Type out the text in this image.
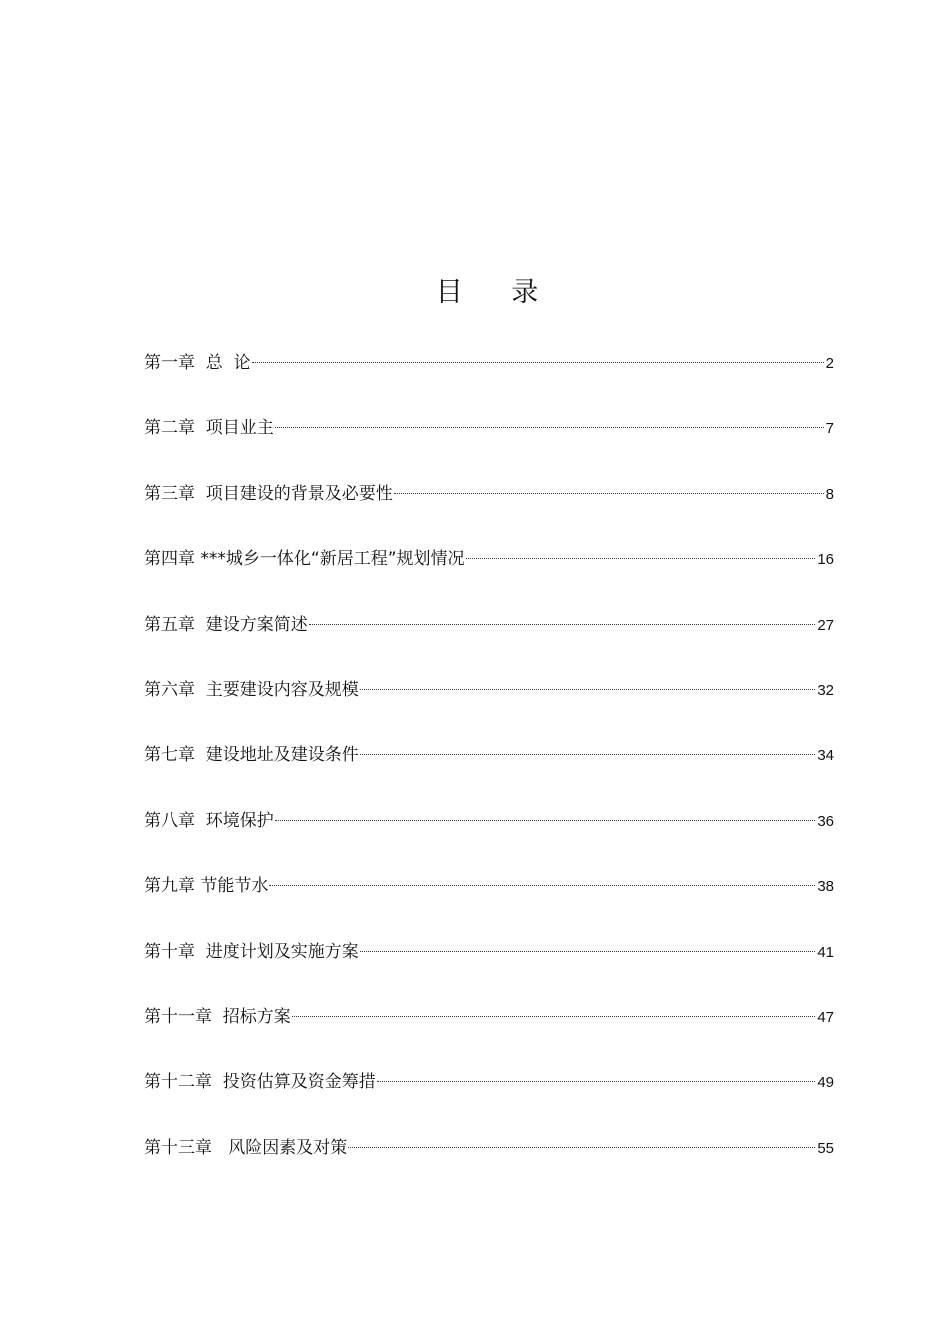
目 录
第一章  总  论	2
第二章  项目业主	7
第三章  项目建设的背景及必要性	8
第四章 ***城乡一体化“新居工程”规划情况	16
第五章  建设方案简述	27
第六章  主要建设内容及规模	32
第七章  建设地址及建设条件	34
第八章  环境保护	36
第九章 节能节水	38
第十章  进度计划及实施方案	41
第十一章  招标方案	47
第十二章  投资估算及资金筹措	49
第十三章   风险因素及对策	55
